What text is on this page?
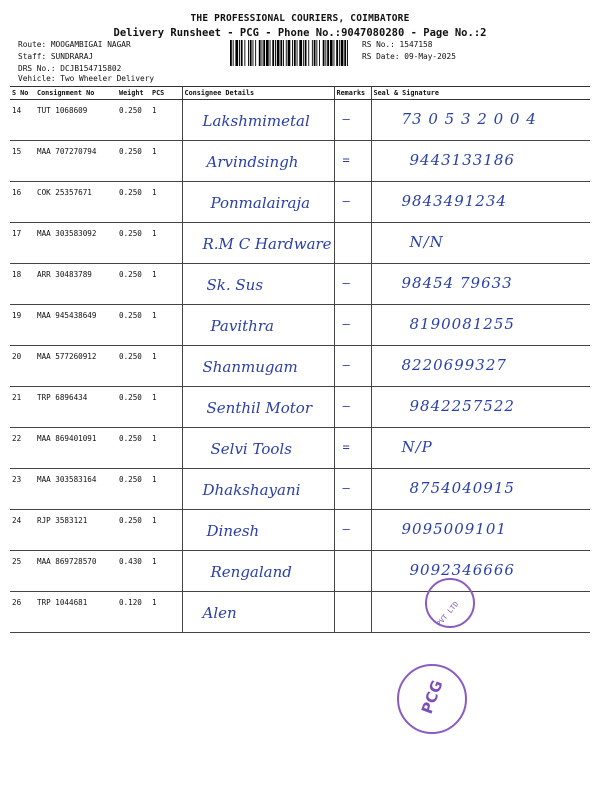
THE PROFESSIONAL COURIERS, COIMBATORE
Delivery Runsheet - PCG - Phone No.:9047080280 - Page No.:2
Route: MOOGAMBIGAI NAGAR
Staff: SUNDRARAJ
DRS No.: DCJB154715802
Vehicle: Two Wheeler Delivery
RS No.: 1547158
RS Date: 09-May-2025
S No	Consignment No	Weight	PCS	Consignee Details	Remarks	Seal & Signature
14	TUT 1068609	0.250	1	Lakshmimetal	—	73 0 5 3 2 0 0 4

15	MAA 707270794	0.250	1	Arvindsingh	=	9443133186

16	COK 25357671	0.250	1	Ponmalairaja	—	9843491234

17	MAA 303583092	0.250	1	R.M C Hardware		N/N

18	ARR 30483789	0.250	1	Sk. Sus	—	98454 79633

19	MAA 945438649	0.250	1	Pavithra	—	8190081255

20	MAA 577260912	0.250	1	Shanmugam	—	8220699327

21	TRP 6896434	0.250	1	Senthil Motor	—	9842257522

22	MAA 869401091	0.250	1	Selvi Tools	=	N/P

23	MAA 303583164	0.250	1	Dhakshayani	—	8754040915

24	RJP 3583121	0.250	1	Dinesh	—	9095009101

25	MAA 869728570	0.430	1	Rengaland		9092346666

26	TRP 1044681	0.120	1	Alen		

		PVT LTD
PCG
